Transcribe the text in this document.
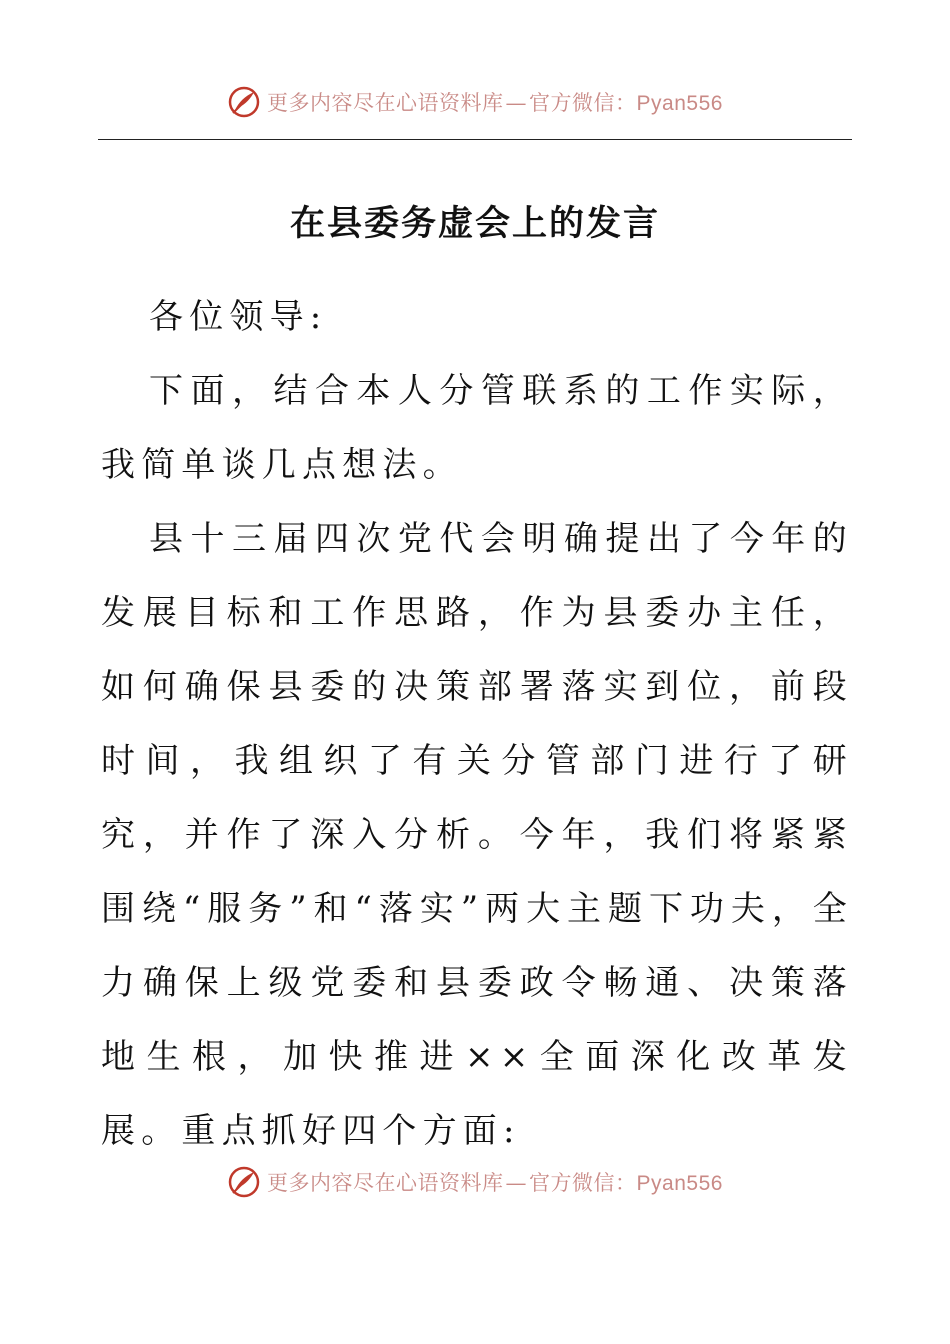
更多内容尽在心语资料库—官方微信：Pyan556
在县委务虚会上的发言

各位领导:

下面，结合本人分管联系的工作实际，我简单谈几点想法。

县十三届四次党代会明确提出了今年的发展目标和工作思路，作为县委办主任，如何确保县委的决策部署落实到位，前段时间，我组织了有关分管部门进行了研究，并作了深入分析。今年，我们将紧紧围绕“服务”和“落实”两大主题下功夫，全力确保上级党委和县委政令畅通、决策落地生根，加快推进××全面深化改革发展。重点抓好四个方面:

更多内容尽在心语资料库—官方微信：Pyan556
